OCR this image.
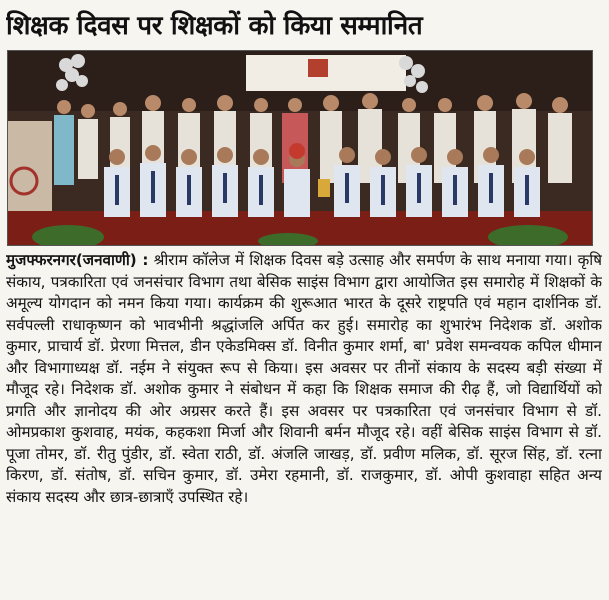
शिक्षक दिवस पर शिक्षकों को किया सम्मानित
मुजफ्फरनगर(जनवाणी) : श्रीराम कॉलेज में शिक्षक दिवस बड़े उत्साह और समर्पण के साथ मनाया गया। कृषि संकाय, पत्रकारिता एवं जनसंचार विभाग तथा बेसिक साइंस विभाग द्वारा आयोजित इस समारोह में शिक्षकों के अमूल्य योगदान को नमन किया गया। कार्यक्रम की शुरूआत भारत के दूसरे राष्ट्रपति एवं महान दार्शनिक डॉ. सर्वपल्ली राधाकृष्णन को भावभीनी श्रद्धांजलि अर्पित कर हुई। समारोह का शुभारंभ निदेशक डॉ. अशोक कुमार, प्राचार्य डॉ. प्रेरणा मित्तल, डीन एकेडमिक्स डॉ. विनीत कुमार शर्मा, बा' प्रवेश समन्वयक कपिल धीमान और विभागाध्यक्ष डॉ. नईम ने संयुक्त रूप से किया। इस अवसर पर तीनों संकाय के सदस्य बड़ी संख्या में मौजूद रहे। निदेशक डॉ. अशोक कुमार ने संबोधन में कहा कि शिक्षक समाज की रीढ़ हैं, जो विद्यार्थियों को प्रगति और ज्ञानोदय की ओर अग्रसर करते हैं। इस अवसर पर पत्रकारिता एवं जनसंचार विभाग से डॉ. ओमप्रकाश कुशवाह, मयंक, कहकशा मिर्जा और शिवानी बर्मन मौजूद रहे। वहीं बेसिक साइंस विभाग से डॉ. पूजा तोमर, डॉ. रीतु पुंडीर, डॉ. स्वेता राठी, डॉ. अंजलि जाखड़, डॉ. प्रवीण मलिक, डॉ. सूरज सिंह, डॉ. रत्ना किरण, डॉ. संतोष, डॉ. सचिन कुमार, डॉ. उमेरा रहमानी, डॉ. राजकुमार, डॉ. ओपी कुशवाहा सहित अन्य संकाय सदस्य और छात्र-छात्राएँ उपस्थित रहे।
